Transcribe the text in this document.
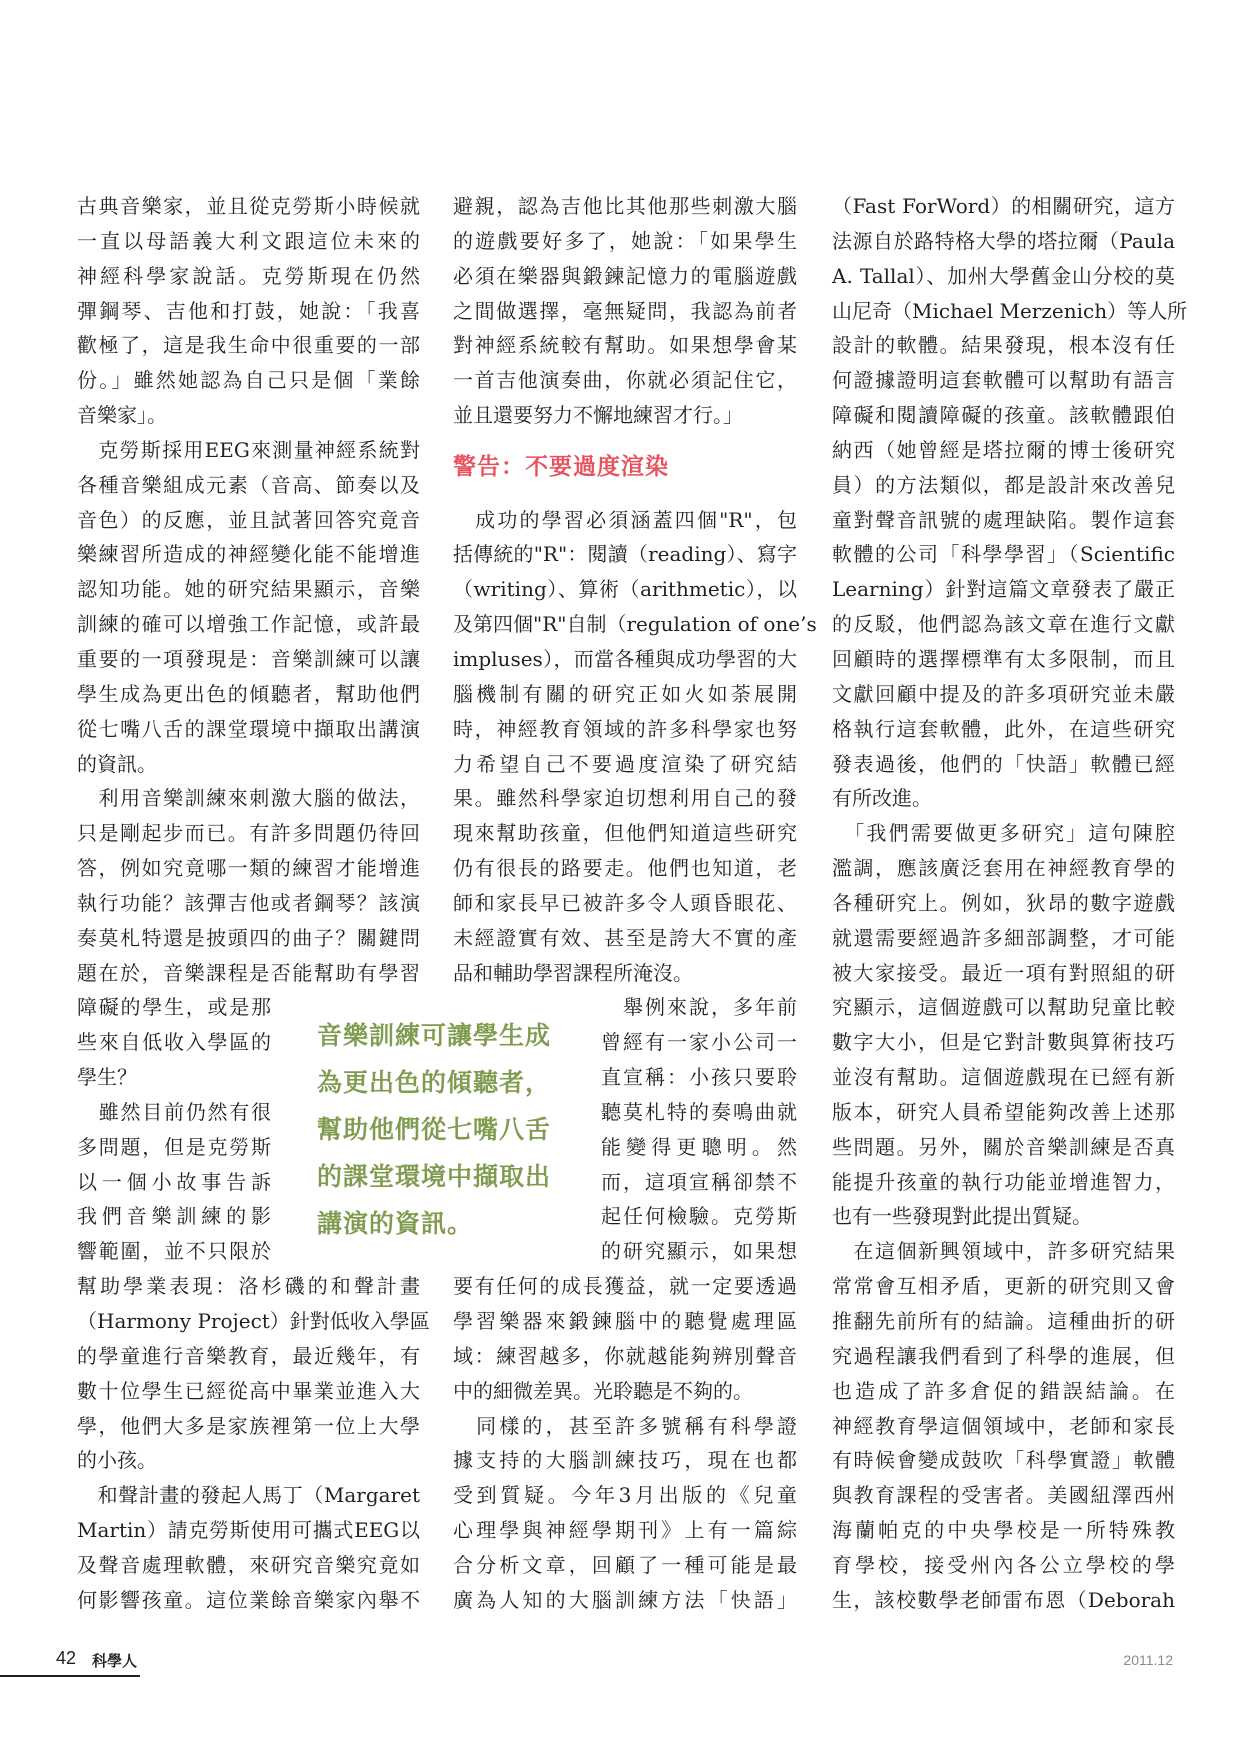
古典音樂家，並且從克勞斯小時候就
一直以母語義大利文跟這位未來的
神經科學家說話。克勞斯現在仍然
彈鋼琴、吉他和打鼓，她說：「我喜
歡極了，這是我生命中很重要的一部
份。」雖然她認為自己只是個「業餘
音樂家」。
　克勞斯採用EEG來測量神經系統對
各種音樂組成元素（音高、節奏以及
音色）的反應，並且試著回答究竟音
樂練習所造成的神經變化能不能增進
認知功能。她的研究結果顯示，音樂
訓練的確可以增強工作記憶，或許最
重要的一項發現是：音樂訓練可以讓
學生成為更出色的傾聽者，幫助他們
從七嘴八舌的課堂環境中擷取出講演
的資訊。
　利用音樂訓練來刺激大腦的做法，
只是剛起步而已。有許多問題仍待回
答，例如究竟哪一類的練習才能增進
執行功能？該彈吉他或者鋼琴？該演
奏莫札特還是披頭四的曲子？關鍵問
題在於，音樂課程是否能幫助有學習
障礙的學生，或是那
些來自低收入學區的
學生？
　雖然目前仍然有很
多問題，但是克勞斯
以一個小故事告訴
我們音樂訓練的影
響範圍，並不只限於
幫助學業表現：洛杉磯的和聲計畫
（Harmony Project）針對低收入學區
的學童進行音樂教育，最近幾年，有
數十位學生已經從高中畢業並進入大
學，他們大多是家族裡第一位上大學
的小孩。
　和聲計畫的發起人馬丁（Margaret
Martin）請克勞斯使用可攜式EEG以
及聲音處理軟體，來研究音樂究竟如
何影響孩童。這位業餘音樂家內舉不
避親，認為吉他比其他那些刺激大腦
的遊戲要好多了，她說：「如果學生
必須在樂器與鍛鍊記憶力的電腦遊戲
之間做選擇，毫無疑問，我認為前者
對神經系統較有幫助。如果想學會某
一首吉他演奏曲，你就必須記住它，
並且還要努力不懈地練習才行。」
警告：不要過度渲染
　成功的學習必須涵蓋四個"R"，包
括傳統的"R"：閱讀（reading）、寫字
（writing）、算術（arithmetic），以
及第四個"R"自制（regulation of one’s
impluses），而當各種與成功學習的大
腦機制有關的研究正如火如荼展開
時，神經教育領域的許多科學家也努
力希望自己不要過度渲染了研究結
果。雖然科學家迫切想利用自己的發
現來幫助孩童，但他們知道這些研究
仍有很長的路要走。他們也知道，老
師和家長早已被許多令人頭昏眼花、
未經證實有效、甚至是誇大不實的產
品和輔助學習課程所淹沒。
　舉例來說，多年前
曾經有一家小公司一
直宣稱：小孩只要聆
聽莫札特的奏鳴曲就
能變得更聰明。然
而，這項宣稱卻禁不
起任何檢驗。克勞斯
的研究顯示，如果想
要有任何的成長獲益，就一定要透過
學習樂器來鍛鍊腦中的聽覺處理區
域：練習越多，你就越能夠辨別聲音
中的細微差異。光聆聽是不夠的。
　同樣的，甚至許多號稱有科學證
據支持的大腦訓練技巧，現在也都
受到質疑。今年3月出版的《兒童
心理學與神經學期刊》上有一篇綜
合分析文章，回顧了一種可能是最
廣為人知的大腦訓練方法「快語」
（Fast ForWord）的相關研究，這方
法源自於路特格大學的塔拉爾（Paula
A. Tallal）、加州大學舊金山分校的莫
山尼奇（Michael Merzenich）等人所
設計的軟體。結果發現，根本沒有任
何證據證明這套軟體可以幫助有語言
障礙和閱讀障礙的孩童。該軟體跟伯
納西（她曾經是塔拉爾的博士後研究
員）的方法類似，都是設計來改善兒
童對聲音訊號的處理缺陷。製作這套
軟體的公司「科學學習」（Scientific
Learning）針對這篇文章發表了嚴正
的反駁，他們認為該文章在進行文獻
回顧時的選擇標準有太多限制，而且
文獻回顧中提及的許多項研究並未嚴
格執行這套軟體，此外，在這些研究
發表過後，他們的「快語」軟體已經
有所改進。
　「我們需要做更多研究」這句陳腔
濫調，應該廣泛套用在神經教育學的
各種研究上。例如，狄昂的數字遊戲
就還需要經過許多細部調整，才可能
被大家接受。最近一項有對照組的研
究顯示，這個遊戲可以幫助兒童比較
數字大小，但是它對計數與算術技巧
並沒有幫助。這個遊戲現在已經有新
版本，研究人員希望能夠改善上述那
些問題。另外，關於音樂訓練是否真
能提升孩童的執行功能並增進智力，
也有一些發現對此提出質疑。
　在這個新興領域中，許多研究結果
常常會互相矛盾，更新的研究則又會
推翻先前所有的結論。這種曲折的研
究過程讓我們看到了科學的進展，但
也造成了許多倉促的錯誤結論。在
神經教育學這個領域中，老師和家長
有時候會變成鼓吹「科學實證」軟體
與教育課程的受害者。美國紐澤西州
海蘭帕克的中央學校是一所特殊教
育學校，接受州內各公立學校的學
生，該校數學老師雷布恩（Deborah
音樂訓練可讓學生成
為更出色的傾聽者，
幫助他們從七嘴八舌
的課堂環境中擷取出
講演的資訊。
42 科學人	2011.12
